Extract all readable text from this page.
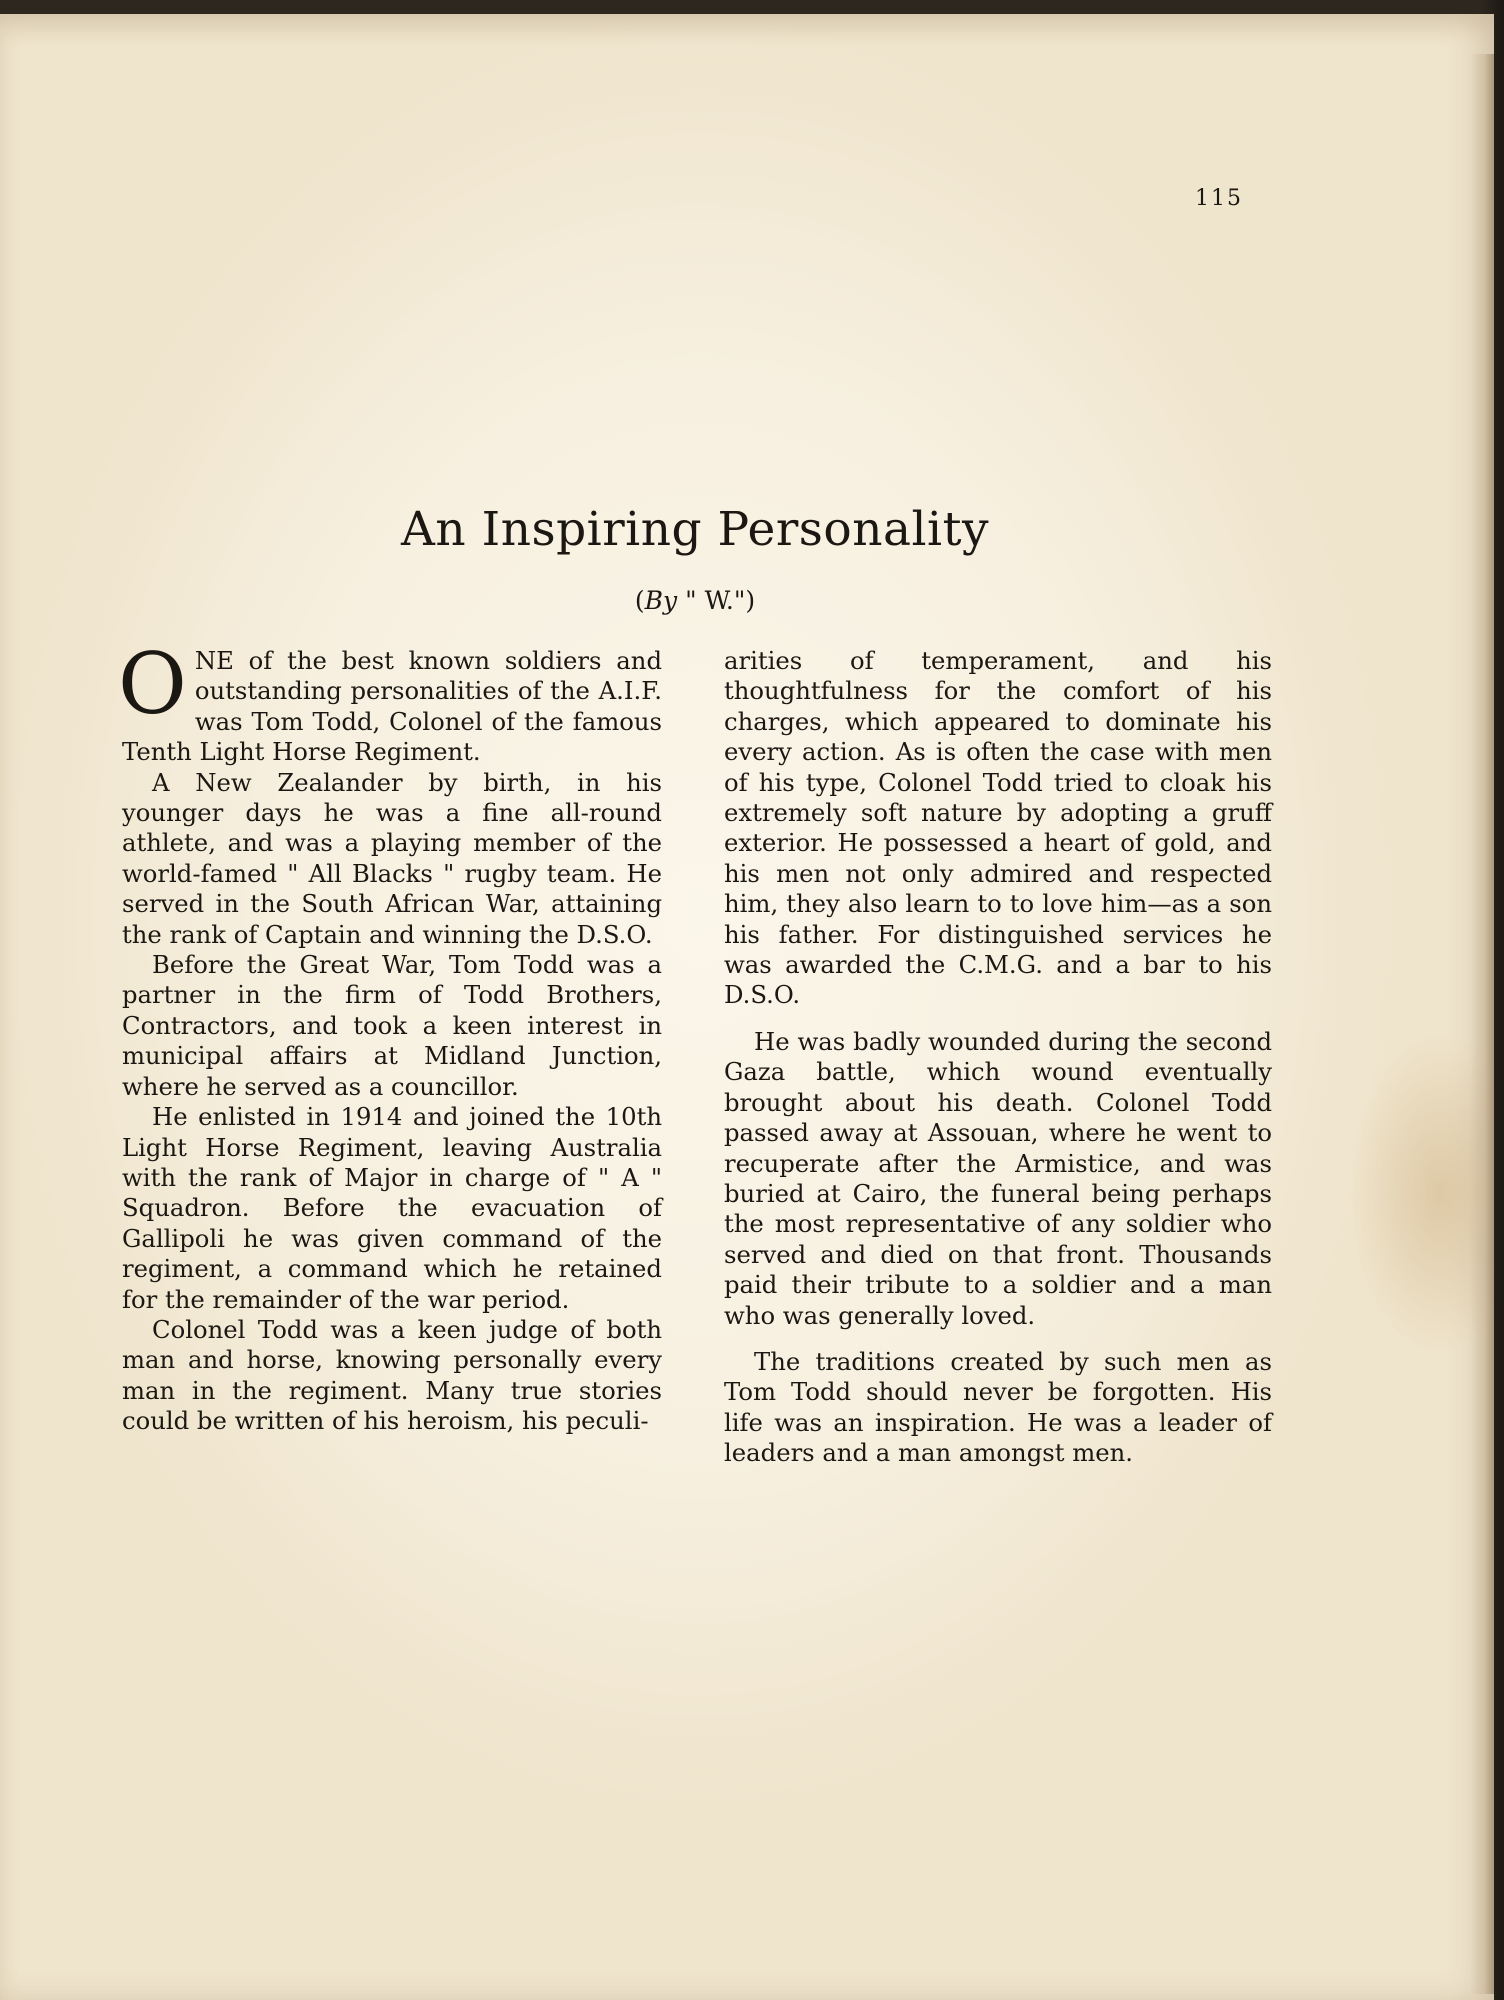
115
An Inspiring Personality
(By " W.")

ONE of the best known soldiers and outstanding personalities of the A.I.F. was Tom Todd, Colonel of the famous Tenth Light Horse Regiment.

A New Zealander by birth, in his younger days he was a fine all-round athlete, and was a playing member of the world-famed " All Blacks " rugby team. He served in the South African War, attaining the rank of Captain and winning the D.S.O.

Before the Great War, Tom Todd was a partner in the firm of Todd Brothers, Contractors, and took a keen interest in municipal affairs at Midland Junction, where he served as a councillor.

He enlisted in 1914 and joined the 10th Light Horse Regiment, leaving Australia with the rank of Major in charge of " A " Squadron. Before the evacuation of Gallipoli he was given command of the regiment, a command which he retained for the remainder of the war period.

Colonel Todd was a keen judge of both man and horse, knowing personally every man in the regiment. Many true stories could be written of his heroism, his peculi-

arities of temperament, and his thoughtfulness for the comfort of his charges, which appeared to dominate his every action. As is often the case with men of his type, Colonel Todd tried to cloak his extremely soft nature by adopting a gruff exterior. He possessed a heart of gold, and his men not only admired and respected him, they also learn to to love him—as a son his father. For distinguished services he was awarded the C.M.G. and a bar to his D.S.O.

He was badly wounded during the second Gaza battle, which wound eventually brought about his death. Colonel Todd passed away at Assouan, where he went to recuperate after the Armistice, and was buried at Cairo, the funeral being perhaps the most representative of any soldier who served and died on that front. Thousands paid their tribute to a soldier and a man who was generally loved.

The traditions created by such men as Tom Todd should never be forgotten. His life was an inspiration. He was a leader of leaders and a man amongst men.
